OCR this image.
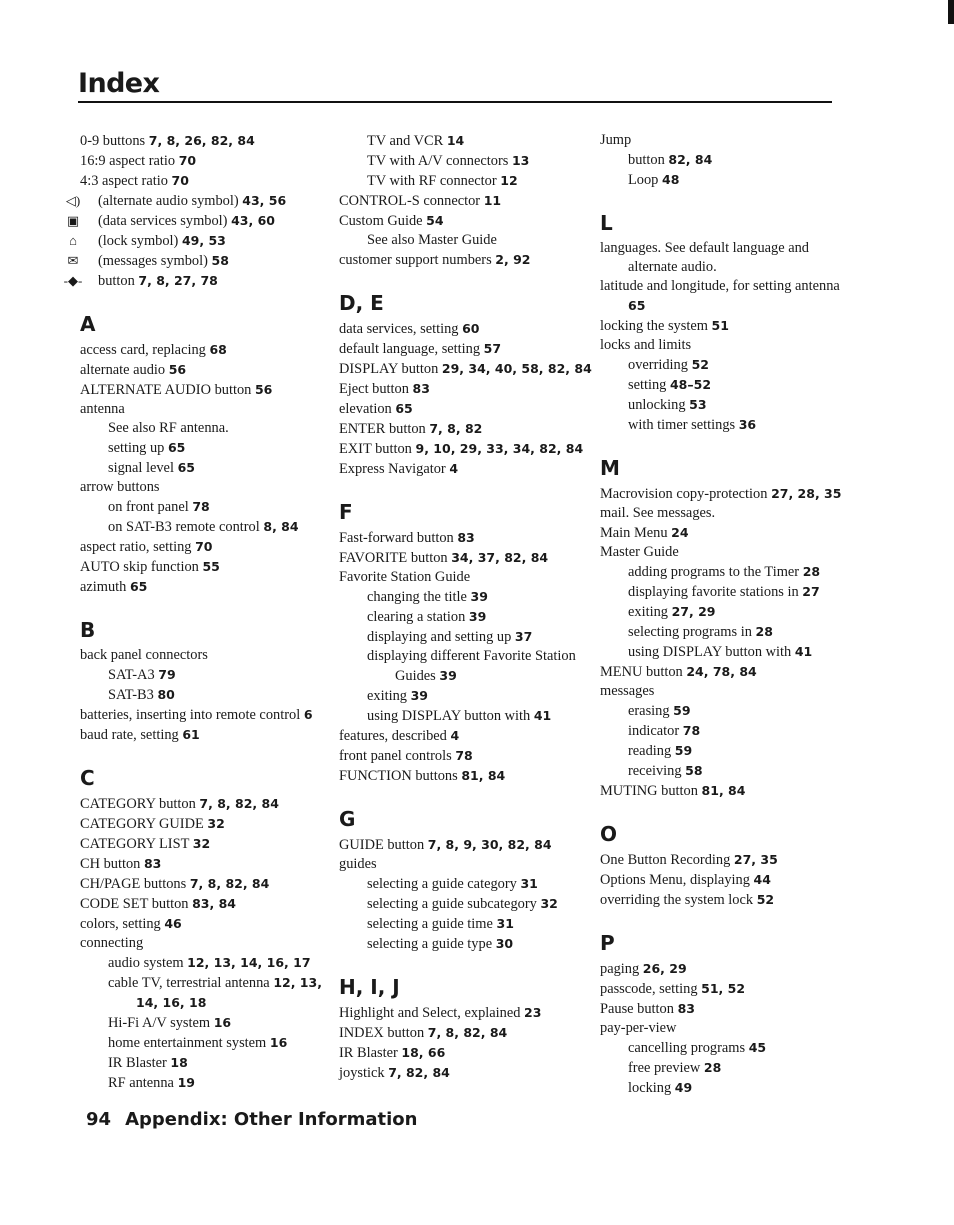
Index

0-9 buttons 7, 8, 26, 82, 84

16:9 aspect ratio 70

4:3 aspect ratio 70

◁) (alternate audio symbol) 43, 56

▣ (data services symbol) 43, 60

⌂ (lock symbol) 49, 53

✉ (messages symbol) 58

-◆- button 7, 8, 27, 78

A

access card, replacing 68

alternate audio 56

ALTERNATE AUDIO button 56

antenna

See also RF antenna.

setting up 65

signal level 65

arrow buttons

on front panel 78

on SAT-B3 remote control 8, 84

aspect ratio, setting 70

AUTO skip function 55

azimuth 65

B

back panel connectors

SAT-A3 79

SAT-B3 80

batteries, inserting into remote control 6

baud rate, setting 61

C

CATEGORY button 7, 8, 82, 84

CATEGORY GUIDE 32

CATEGORY LIST 32

CH button 83

CH/PAGE buttons 7, 8, 82, 84

CODE SET button 83, 84

colors, setting 46

connecting

audio system 12, 13, 14, 16, 17

cable TV, terrestrial antenna 12, 13, 14, 16, 18

Hi-Fi A/V system 16

home entertainment system 16

IR Blaster 18

RF antenna 19

TV and VCR 14

TV with A/V connectors 13

TV with RF connector 12

CONTROL-S connector 11

Custom Guide 54

See also Master Guide

customer support numbers 2, 92

D, E

data services, setting 60

default language, setting 57

DISPLAY button 29, 34, 40, 58, 82, 84

Eject button 83

elevation 65

ENTER button 7, 8, 82

EXIT button 9, 10, 29, 33, 34, 82, 84

Express Navigator 4

F

Fast-forward button 83

FAVORITE button 34, 37, 82, 84

Favorite Station Guide

changing the title 39

clearing a station 39

displaying and setting up 37

displaying different Favorite Station Guides 39

exiting 39

using DISPLAY button with 41

features, described 4

front panel controls 78

FUNCTION buttons 81, 84

G

GUIDE button 7, 8, 9, 30, 82, 84

guides

selecting a guide category 31

selecting a guide subcategory 32

selecting a guide time 31

selecting a guide type 30

H, I, J

Highlight and Select, explained 23

INDEX button 7, 8, 82, 84

IR Blaster 18, 66

joystick 7, 82, 84

Jump

button 82, 84

Loop 48

L

languages. See default language and alternate audio.

latitude and longitude, for setting antenna 65

locking the system 51

locks and limits

overriding 52

setting 48–52

unlocking 53

with timer settings 36

M

Macrovision copy-protection 27, 28, 35

mail. See messages.

Main Menu 24

Master Guide

adding programs to the Timer 28

displaying favorite stations in 27

exiting 27, 29

selecting programs in 28

using DISPLAY button with 41

MENU button 24, 78, 84

messages

erasing 59

indicator 78

reading 59

receiving 58

MUTING button 81, 84

O

One Button Recording 27, 35

Options Menu, displaying 44

overriding the system lock 52

P

paging 26, 29

passcode, setting 51, 52

Pause button 83

pay-per-view

cancelling programs 45

free preview 28

locking 49

94 Appendix: Other Information
